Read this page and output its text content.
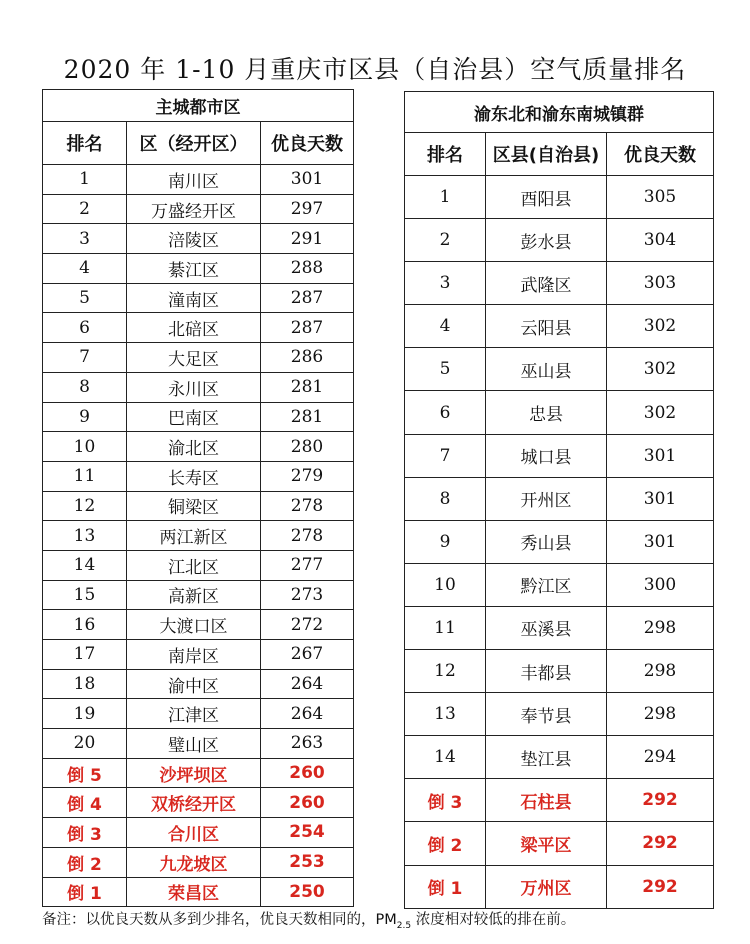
2020 年 1-10 月重庆市区县（自治县）空气质量排名
主城都市区		
排名	区（经开区）	优良天数
1	南川区	301
2	万盛经开区	297
3	涪陵区	291
4	綦江区	288
5	潼南区	287
6	北碚区	287
7	大足区	286
8	永川区	281
9	巴南区	281
10	渝北区	280
11	长寿区	279
12	铜梁区	278
13	两江新区	278
14	江北区	277
15	高新区	273
16	大渡口区	272
17	南岸区	267
18	渝中区	264
19	江津区	264
20	璧山区	263
倒 5	沙坪坝区	260
倒 4	双桥经开区	260
倒 3	合川区	254
倒 2	九龙坡区	253
倒 1	荣昌区	250
渝东北和渝东南城镇群		
排名	区县(自治县)	优良天数
1	酉阳县	305
2	彭水县	304
3	武隆区	303
4	云阳县	302
5	巫山县	302
6	忠县	302
7	城口县	301
8	开州区	301
9	秀山县	301
10	黔江区	300
11	巫溪县	298
12	丰都县	298
13	奉节县	298
14	垫江县	294
倒 3	石柱县	292
倒 2	梁平区	292
倒 1	万州区	292
备注：以优良天数从多到少排名，优良天数相同的，$PM_{2.5}$ 浓度相对较低的排在前。
